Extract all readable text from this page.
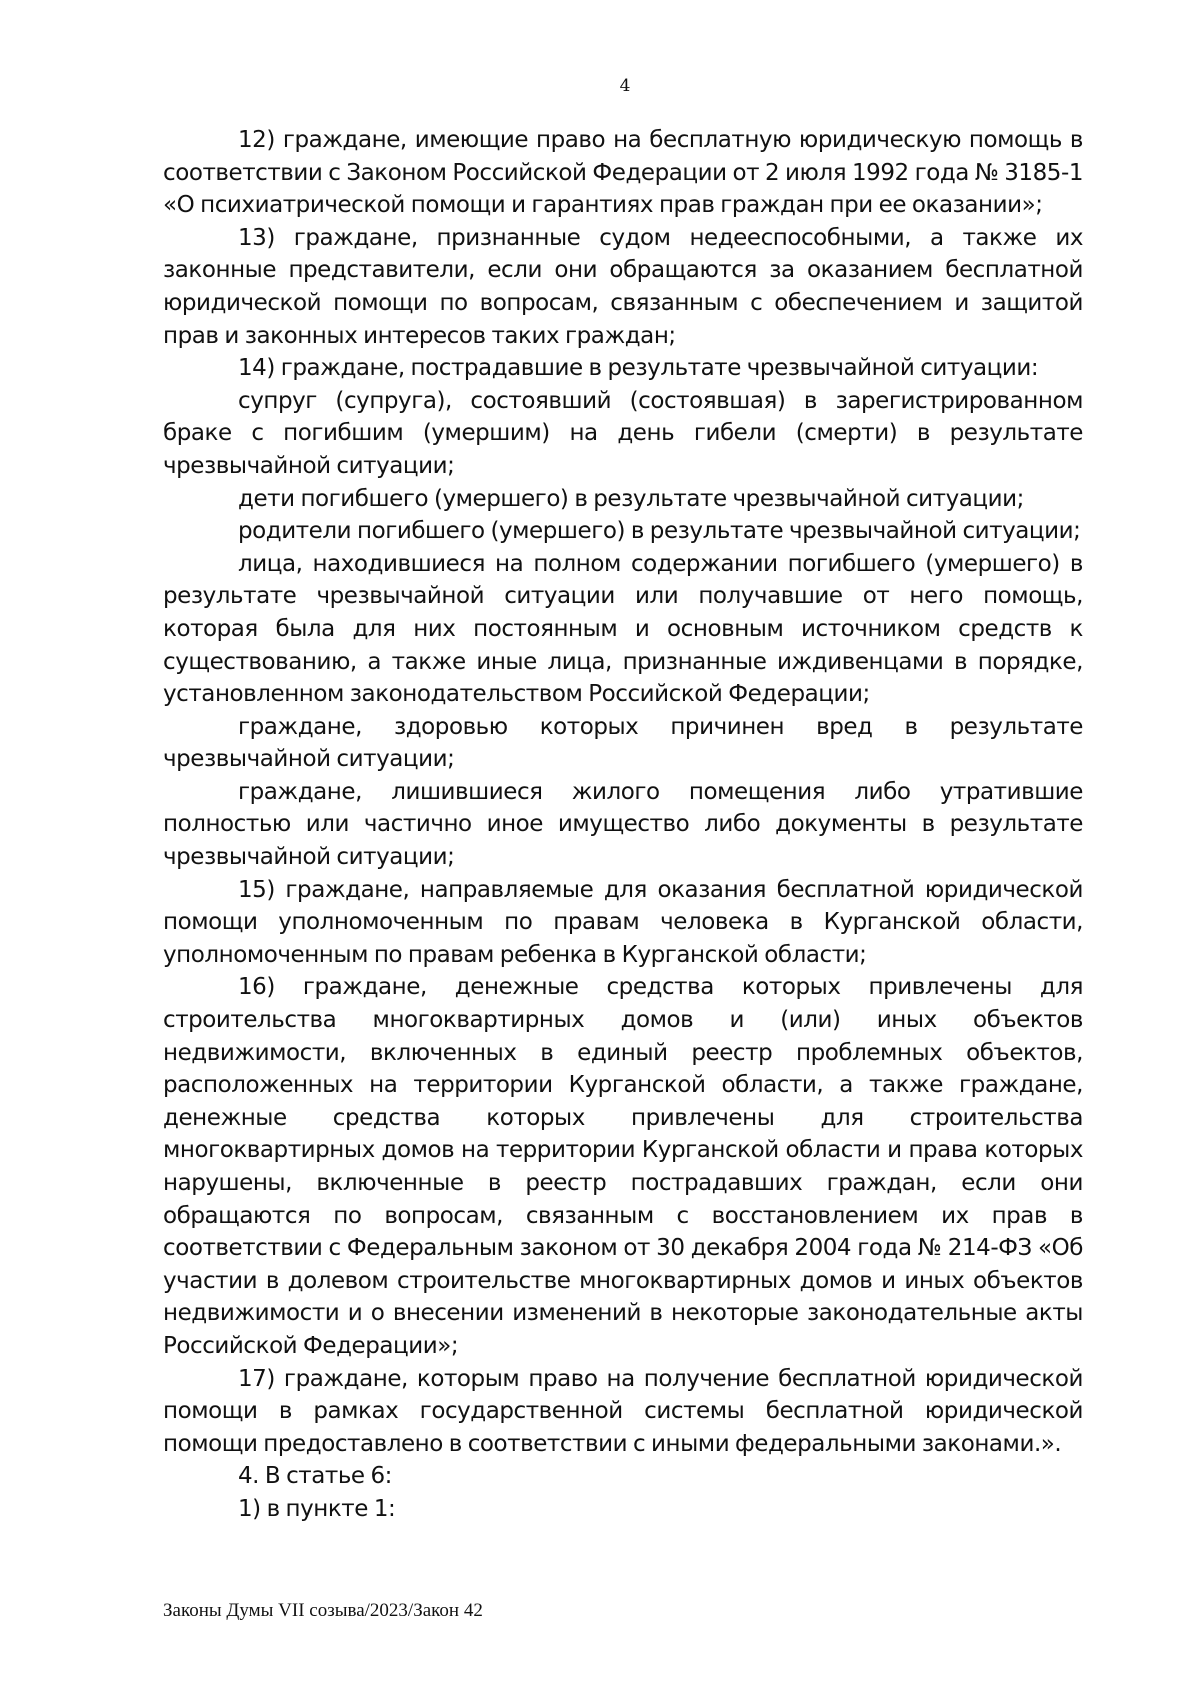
4

12) граждане, имеющие право на бесплатную юридическую помощь в соответствии с Законом Российской Федерации от 2 июля 1992 года № 3185-1 «О психиатрической помощи и гарантиях прав граждан при ее оказании»;

13) граждане, признанные судом недееспособными, а также их законные представители, если они обращаются за оказанием бесплатной юридической помощи по вопросам, связанным с обеспечением и защитой прав и законных интересов таких граждан;

14) граждане, пострадавшие в результате чрезвычайной ситуации:

супруг (супруга), состоявший (состоявшая) в зарегистрированном браке с погибшим (умершим) на день гибели (смерти) в результате чрезвычайной ситуации;

дети погибшего (умершего) в результате чрезвычайной ситуации;

родители погибшего (умершего) в результате чрезвычайной ситуации;

лица, находившиеся на полном содержании погибшего (умершего) в результате чрезвычайной ситуации или получавшие от него помощь, которая была для них постоянным и основным источником средств к существованию, а также иные лица, признанные иждивенцами в порядке, установленном законодательством Российской Федерации;

граждане, здоровью которых причинен вред в результате чрезвычайной ситуации;

граждане, лишившиеся жилого помещения либо утратившие полностью или частично иное имущество либо документы в результате чрезвычайной ситуации;

15) граждане, направляемые для оказания бесплатной юридической помощи уполномоченным по правам человека в Курганской области, уполномоченным по правам ребенка в Курганской области;

16) граждане, денежные средства которых привлечены для строительства многоквартирных домов и (или) иных объектов недвижимости, включенных в единый реестр проблемных объектов, расположенных на территории Курганской области, а также граждане, денежные средства которых привлечены для строительства многоквартирных домов на территории Курганской области и права которых нарушены, включенные в реестр пострадавших граждан, если они обращаются по вопросам, связанным с восстановлением их прав в соответствии с Федеральным законом от 30 декабря 2004 года № 214-ФЗ «Об участии в долевом строительстве многоквартирных домов и иных объектов недвижимости и о внесении изменений в некоторые законодательные акты Российской Федерации»;

17) граждане, которым право на получение бесплатной юридической помощи в рамках государственной системы бесплатной юридической помощи предоставлено в соответствии с иными федеральными законами.».

4. В статье 6:

1) в пункте 1:

Законы Думы VII созыва/2023/Закон 42
